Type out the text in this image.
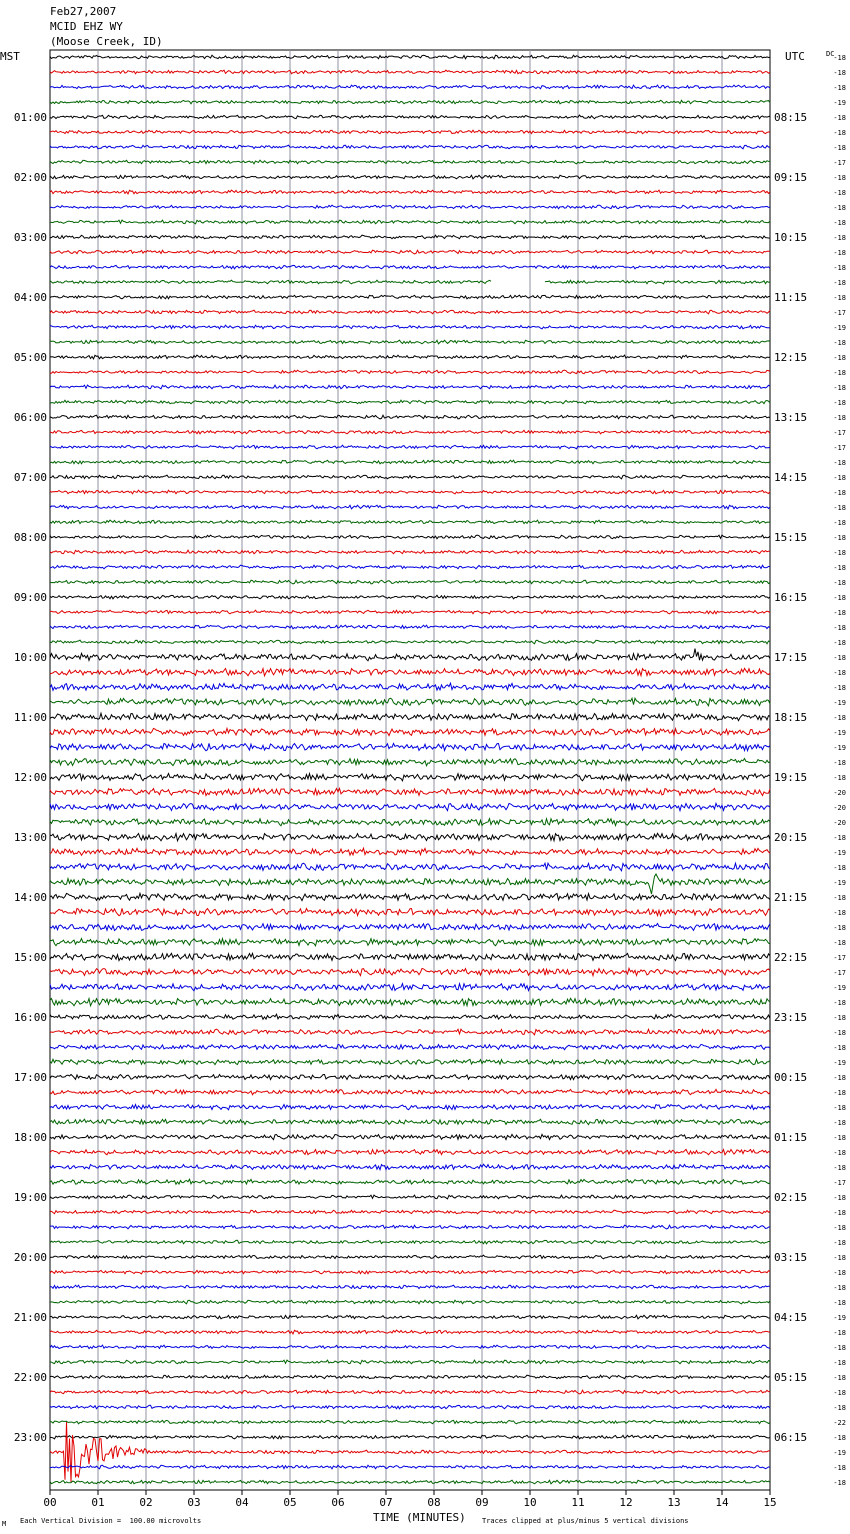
Feb27,2007
MCID EHZ WY
(Moose Creek, ID)
MST	UTC	DC
00	01	02	03	04	05	06	07	08	09	10	11	12	13	14	15
-18
-18
-18
-19
-18
-18
-18
-17
-18
-18
-18
-18
-18
-18
-18
-18
-18
-17
-19
-18
-18
-18
-18
-18
-18
-17
-17
-18
-18
-18
-18
-18
-18
-18
-18
-18
-18
-18
-18
-18
-18
-18
-18
-19
-18
-19
-19
-18
-18
-20
-20
-20
-18
-19
-18
-19
-18
-18
-18
-18
-17
-17
-19
-18
-18
-18
-18
-19
-18
-18
-18
-18
-18
-18
-18
-17
-18
-18
-18
-18
-18
-18
-18
-18
-19
-18
-18
-18
-18
-18
-18
-22
-18
-19
-18
-18
01:00
02:00
03:00
04:00
05:00
06:00
07:00
08:00
09:00
10:00
11:00
12:00
13:00
14:00
15:00
16:00
17:00
18:00
19:00
20:00
21:00
22:00
23:00
08:15
09:15
10:15
11:15
12:15
13:15
14:15
15:15
16:15
17:15
18:15
19:15
20:15
21:15
22:15
23:15
00:15
01:15
02:15
03:15
04:15
05:15
06:15
TIME (MINUTES)
Each Vertical Division =  100.00 microvolts	Traces clipped at plus/minus 5 vertical divisions
M
